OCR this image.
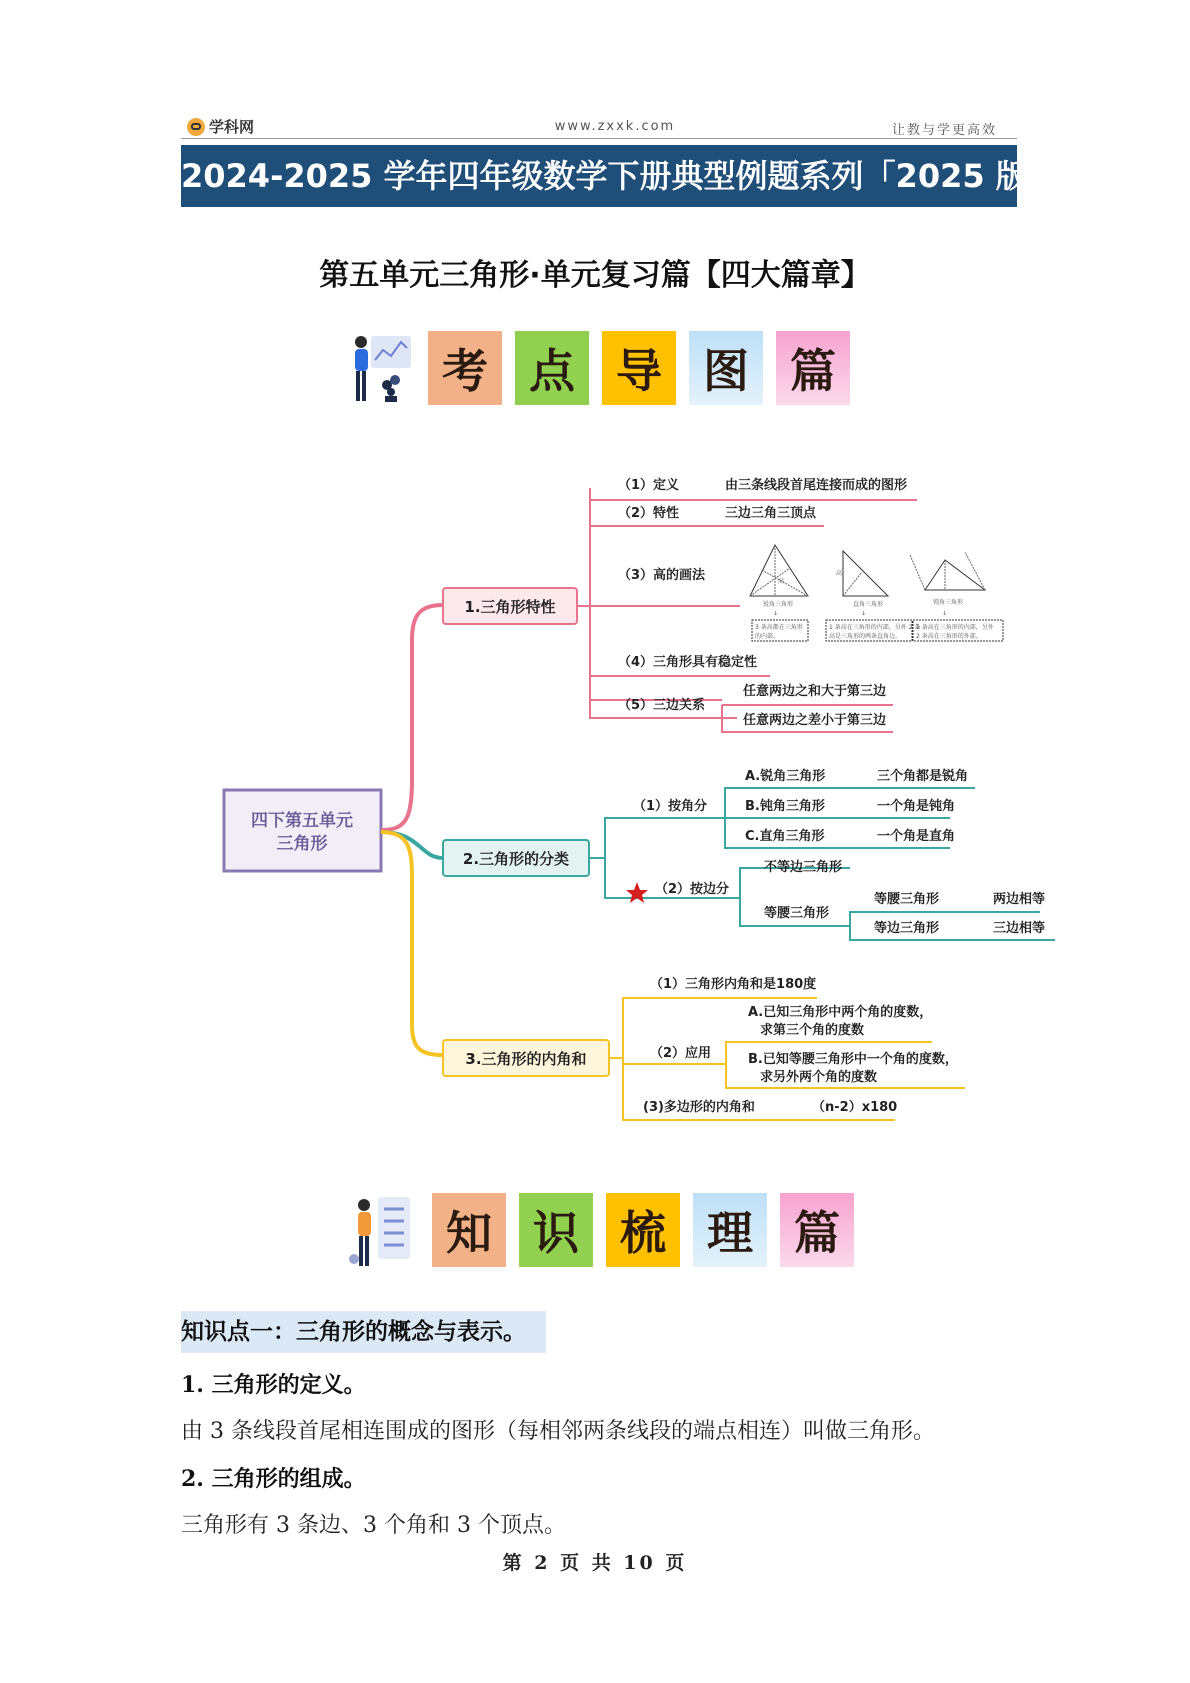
学科网	www.zxxk.com	让教与学更高效
2024-2025 学年四年级数学下册典型例题系列「2025 版」
第五单元三角形·单元复习篇【四大篇章】
考 点 导 图 篇
四下第五单元
三角形
1.三角形特性
（1）定义	由三条线段首尾连接而成的图形
（2）特性	三边三角三顶点
（3）高的画法
（4）三角形具有稳定性
（5）三边关系
任意两边之和大于第三边
任意两边之差小于第三边
高
锐角三角形
↓
3 条高都在三角形
的内部。
高
直角三角形
↓
1 条高在三角形的内部，另外 2 条
高是三角形的两条直角边。
钝角三角形
↓
1 条高在三角形的内部，另外
2 条高在三角形的外部。
2.三角形的分类
（1）按角分
A.锐角三角形	三个角都是锐角
B.钝角三角形	一个角是钝角
C.直角三角形	一个角是直角
（2）按边分
不等边三角形
等腰三角形
等腰三角形	两边相等
等边三角形	三边相等
3.三角形的内角和
（1）三角形内角和是180度
（2）应用
A.已知三角形中两个角的度数，
求第三个角的度数
B.已知等腰三角形中一个角的度数，
求另外两个角的度数
(3)多边形的内角和	（n-2）x180
知 识 梳 理 篇
知识点一：三角形的概念与表示。
1. 三角形的定义。
由 3 条线段首尾相连围成的图形（每相邻两条线段的端点相连）叫做三角形。
2. 三角形的组成。
三角形有 3 条边、3 个角和 3 个顶点。
第 2 页 共 10 页
